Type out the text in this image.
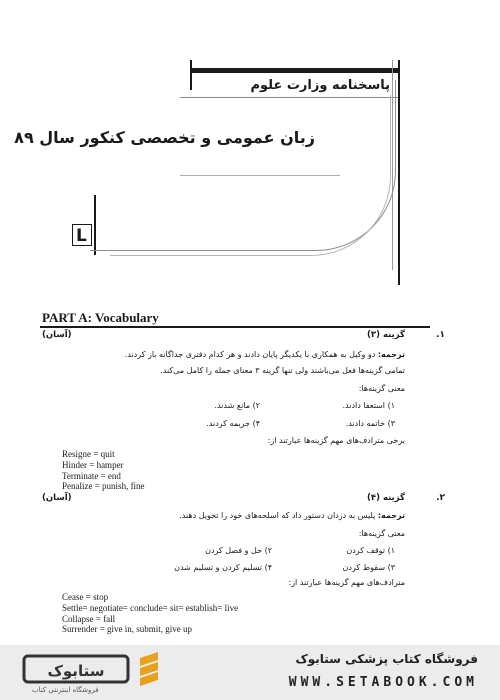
پاسخنامه وزارت علوم
زبان عمومی و تخصصی کنکور سال ۸۹
L
PART A: Vocabulary
.۱
گزینه (۳)
(آسان)
ترجمه: دو وکیل به همکاری با یکدیگر پایان دادند و هر کدام دفتری جداگانه باز کردند.
تمامی گزینه‌ها فعل می‌باشند ولی تنها گزینه ۳ معنای جمله را کامل می‌کند.
معنی گزینه‌ها:
۱) استعفا دادند.
۲) مانع شدند.
۳) خاتمه دادند.
۴) جریمه کردند.
برخی مترادف‌های مهم گزینه‌ها عبارتند از:
Resigne = quit
Hinder = hamper
Terminate = end
Penalize = punish, fine
.۲
گزینه (۴)
(آسان)
ترجمه: پلیس به دزدان دستور داد که اسلحه‌های خود را تحویل دهند.
معنی گزینه‌ها:
۱) توقف کردن
۲) حل و فصل کردن
۳) سقوط کردن
۴) تسلیم کردن و تسلیم شدن
مترادف‌های مهم گزینه‌ها عبارتند از:
Cease = stop
Settle= negotiate= conclude= sit= establish= live
Collapse = fall
Surrender = give in, submit, give up
ستابوک
فروشگاه اینترنتی کتاب
فروشگاه کتاب پزشکی ستابوک
WWW.SETABOOK.COM
